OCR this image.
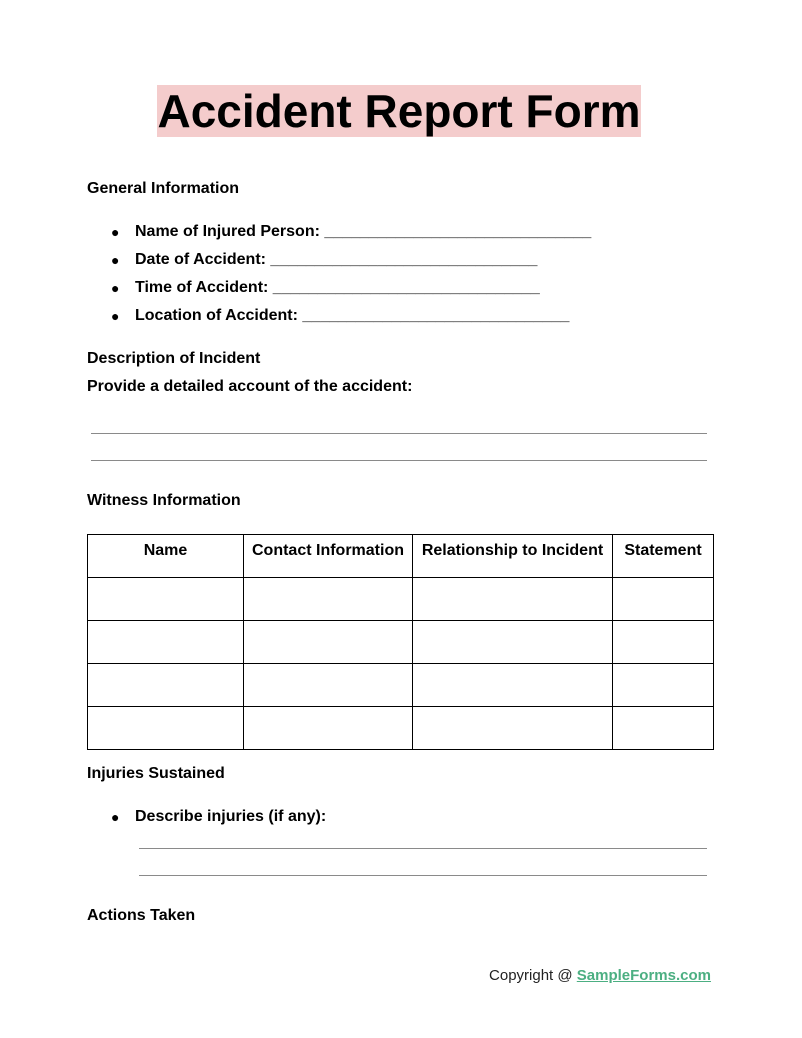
Accident Report Form
General Information
● Name of Injured Person: ______________________________
● Date of Accident: ______________________________
● Time of Accident: ______________________________
● Location of Accident: ______________________________
Description of Incident
Provide a detailed account of the accident:
Witness Information
Name	Contact Information	Relationship to Incident	Statement

Injuries Sustained
● Describe injuries (if any):
Actions Taken
Copyright @ SampleForms.com
